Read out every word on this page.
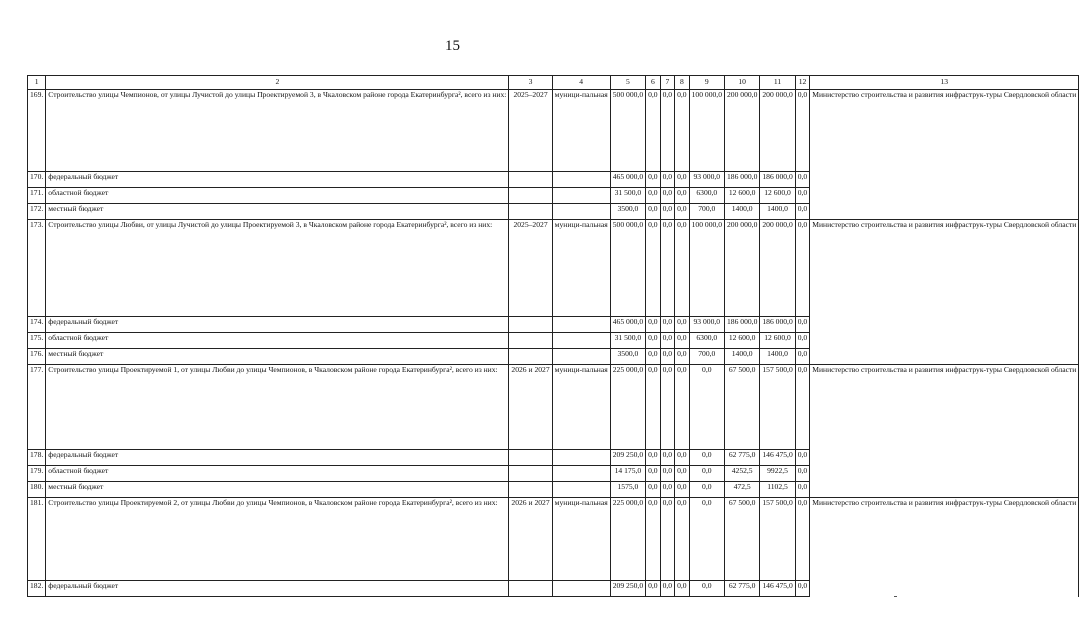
15
1	2	3	4	5	6	7	8	9	10	11	12	13
169.	Строительство улицы Чемпионов, от улицы Лучистой до улицы Проектируемой 3, в Чкаловском районе города Екатеринбурга², всего из них:	2025–2027	муници-пальная	500 000,0	0,0	0,0	0,0	100 000,0	200 000,0	200 000,0	0,0	Министерство строительства и развития инфраструк-туры Свердловской области
170.	федеральный бюджет			465 000,0	0,0	0,0	0,0	93 000,0	186 000,0	186 000,0	0,0	
171.	областной бюджет			31 500,0	0,0	0,0	0,0	6300,0	12 600,0	12 600,0	0,0	
172.	местный бюджет			3500,0	0,0	0,0	0,0	700,0	1400,0	1400,0	0,0	
173.	Строительство улицы Любви, от улицы Лучистой до улицы Проектируемой 3, в Чкаловском районе города Екатеринбурга², всего из них:	2025–2027	муници-пальная	500 000,0	0,0	0,0	0,0	100 000,0	200 000,0	200 000,0	0,0	Министерство строительства и развития инфраструк-туры Свердловской области
174.	федеральный бюджет			465 000,0	0,0	0,0	0,0	93 000,0	186 000,0	186 000,0	0,0	
175.	областной бюджет			31 500,0	0,0	0,0	0,0	6300,0	12 600,0	12 600,0	0,0	
176.	местный бюджет			3500,0	0,0	0,0	0,0	700,0	1400,0	1400,0	0,0	
177.	Строительство улицы Проектируемой 1, от улицы Любви до улицы Чемпионов, в Чкаловском районе города Екатеринбурга², всего из них:	2026 и 2027	муници-пальная	225 000,0	0,0	0,0	0,0	0,0	67 500,0	157 500,0	0,0	Министерство строительства и развития инфраструк-туры Свердловской области
178.	федеральный бюджет			209 250,0	0,0	0,0	0,0	0,0	62 775,0	146 475,0	0,0	
179.	областной бюджет			14 175,0	0,0	0,0	0,0	0,0	4252,5	9922,5	0,0	
180.	местный бюджет			1575,0	0,0	0,0	0,0	0,0	472,5	1102,5	0,0	
181.	Строительство улицы Проектируемой 2, от улицы Любви до улицы Чемпионов, в Чкаловском районе города Екатеринбурга², всего из них:	2026 и 2027	муници-пальная	225 000,0	0,0	0,0	0,0	0,0	67 500,0	157 500,0	0,0	Министерство строительства и развития инфраструк-туры Свердловской области
182.	федеральный бюджет			209 250,0	0,0	0,0	0,0	0,0	62 775,0	146 475,0	0,0	
